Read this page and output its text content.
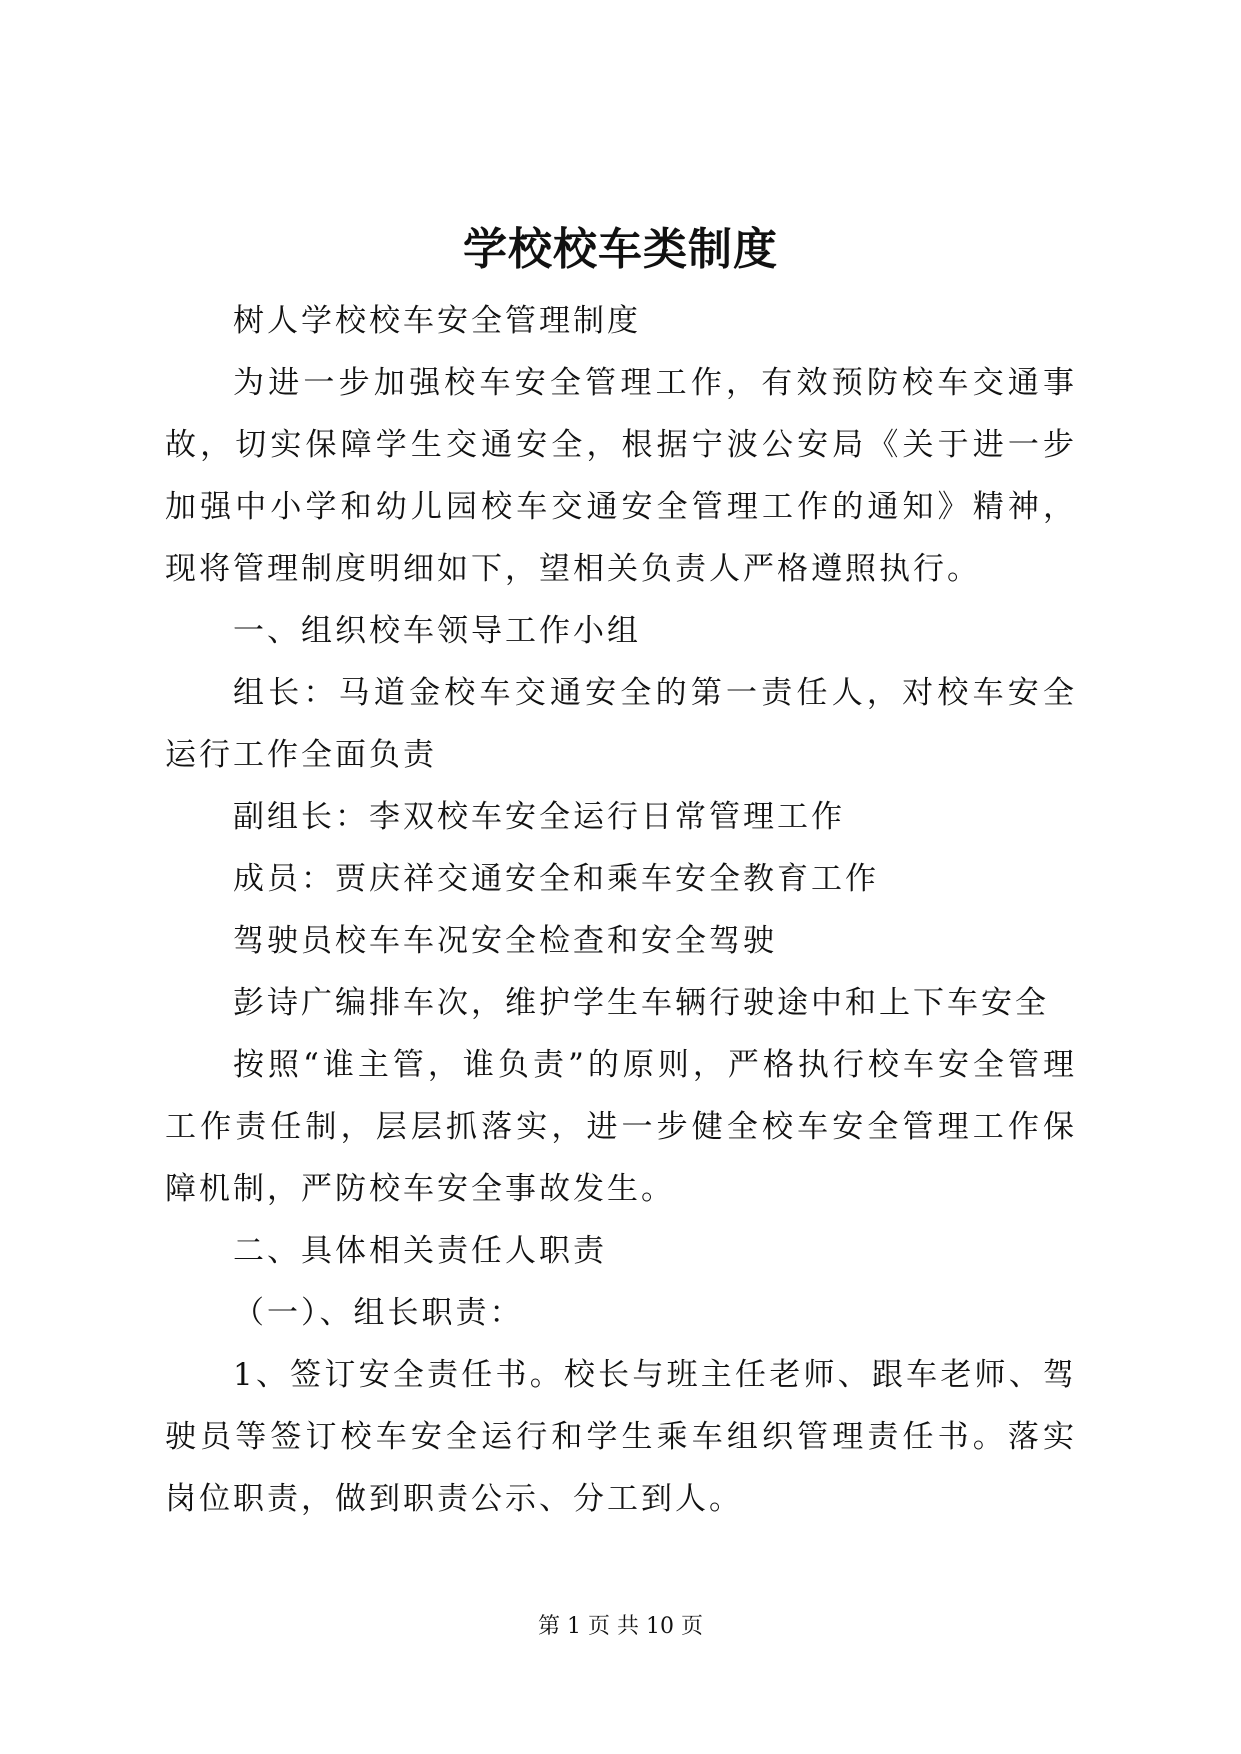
学校校车类制度

树人学校校车安全管理制度

为进一步加强校车安全管理工作，有效预防校车交通事故，切实保障学生交通安全，根据宁波公安局《关于进一步加强中小学和幼儿园校车交通安全管理工作的通知》精神，现将管理制度明细如下，望相关负责人严格遵照执行。

一、组织校车领导工作小组

组长：马道金校车交通安全的第一责任人，对校车安全运行工作全面负责

副组长：李双校车安全运行日常管理工作

成员：贾庆祥交通安全和乘车安全教育工作

驾驶员校车车况安全检查和安全驾驶

彭诗广编排车次，维护学生车辆行驶途中和上下车安全

按照“谁主管，谁负责”的原则，严格执行校车安全管理工作责任制，层层抓落实，进一步健全校车安全管理工作保障机制，严防校车安全事故发生。

二、具体相关责任人职责

（一）、组长职责：

1、签订安全责任书。校长与班主任老师、跟车老师、驾驶员等签订校车安全运行和学生乘车组织管理责任书。落实岗位职责，做到职责公示、分工到人。

第 1 页 共 10 页
